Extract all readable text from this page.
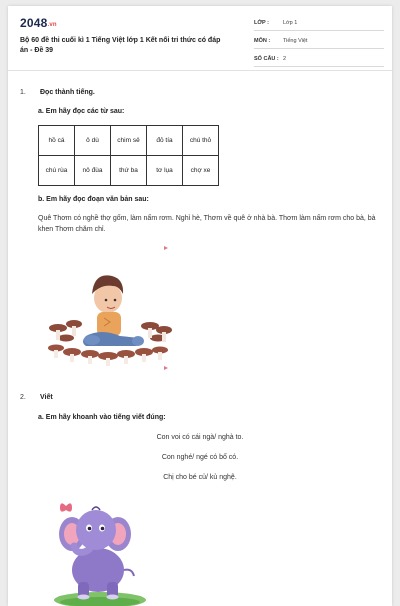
2048.vn
Bộ 60 đề thi cuối kì 1 Tiếng Việt lớp 1 Kết nối tri thức có đáp án - Đề 39
LỚP :	Lớp 1
MÔN : Tiếng Việt
SỐ CÂU : 2
1. Đọc thành tiếng.
a. Em hãy đọc các từ sau:
hồ cá	ô dù	chim sẻ	đỏ tía	chú thỏ
chú rùa	nô đùa	thứ ba	tơ lụa	chợ xe
b. Em hãy đọc đoạn văn bản sau:
Quê Thơm có nghề thợ gốm, làm nấm rơm. Nghỉ hè, Thơm về quê ở nhà bà. Thơm làm nấm rơm cho bà, bà khen Thơm chăm chỉ.
2. Viết
a. Em hãy khoanh vào tiếng viết đúng:
Con voi có cái ngà/ nghà to.
Con nghé/ ngé có bố có.
Chị cho bé củ/ kủ nghệ.
